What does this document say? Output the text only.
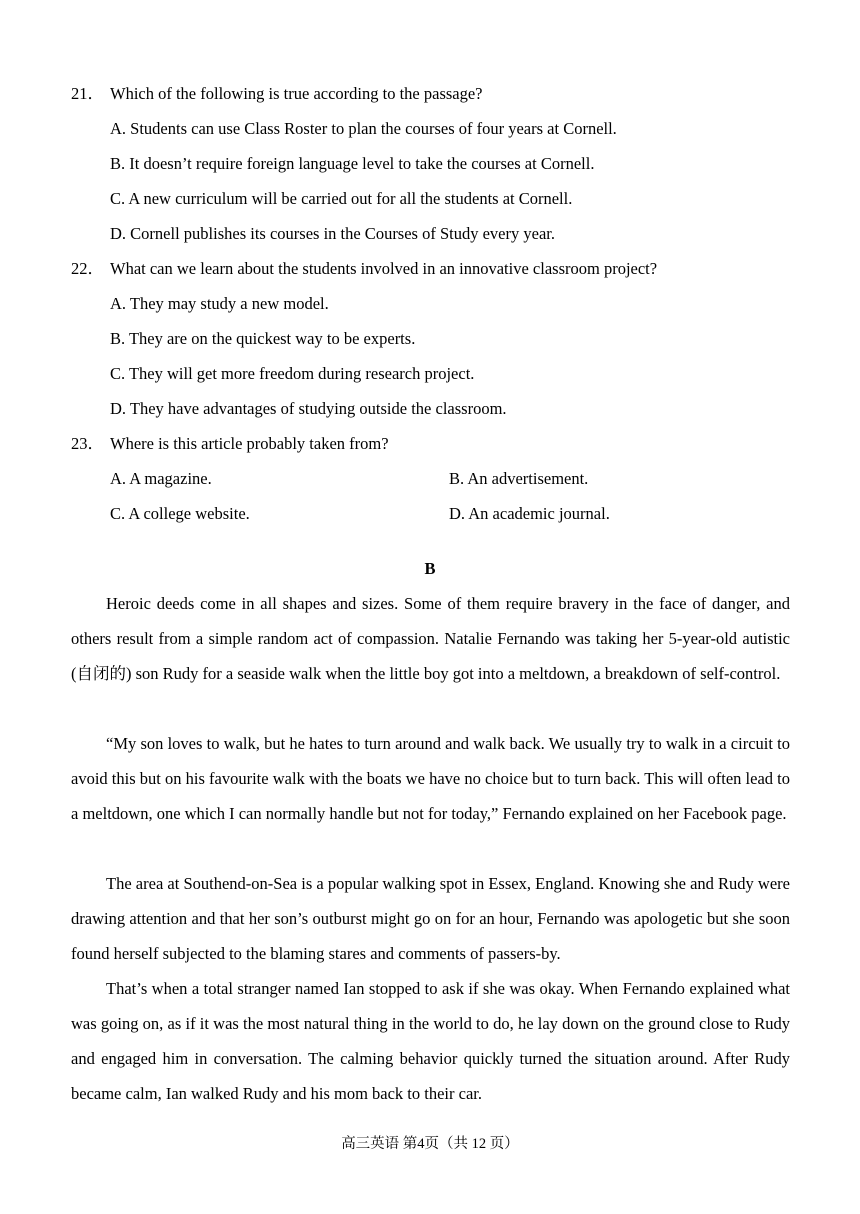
21． Which of the following is true according to the passage?
A. Students can use Class Roster to plan the courses of four years at Cornell.
B. It doesn’t require foreign language level to take the courses at Cornell.
C. A new curriculum will be carried out for all the students at Cornell.
D. Cornell publishes its courses in the Courses of Study every year.
22． What can we learn about the students involved in an innovative classroom project?
A. They may study a new model.
B. They are on the quickest way to be experts.
C. They will get more freedom during research project.
D. They have advantages of studying outside the classroom.
23． Where is this article probably taken from?
A. A magazine.	B. An advertisement.
C. A college website.	D. An academic journal.
B

Heroic deeds come in all shapes and sizes. Some of them require bravery in the face of danger, and others result from a simple random act of compassion. Natalie Fernando was taking her 5-year-old autistic (自闭的) son Rudy for a seaside walk when the little boy got into a meltdown, a breakdown of self-control.

“My son loves to walk, but he hates to turn around and walk back. We usually try to walk in a circuit to avoid this but on his favourite walk with the boats we have no choice but to turn back. This will often lead to a meltdown, one which I can normally handle but not for today,” Fernando explained on her Facebook page.

The area at Southend-on-Sea is a popular walking spot in Essex, England. Knowing she and Rudy were drawing attention and that her son’s outburst might go on for an hour, Fernando was apologetic but she soon found herself subjected to the blaming stares and comments of passers-by.

That’s when a total stranger named Ian stopped to ask if she was okay. When Fernando explained what was going on, as if it was the most natural thing in the world to do, he lay down on the ground close to Rudy and engaged him in conversation. The calming behavior quickly turned the situation around. After Rudy became calm, Ian walked Rudy and his mom back to their car.

高三英语 第4页（共 12 页）
